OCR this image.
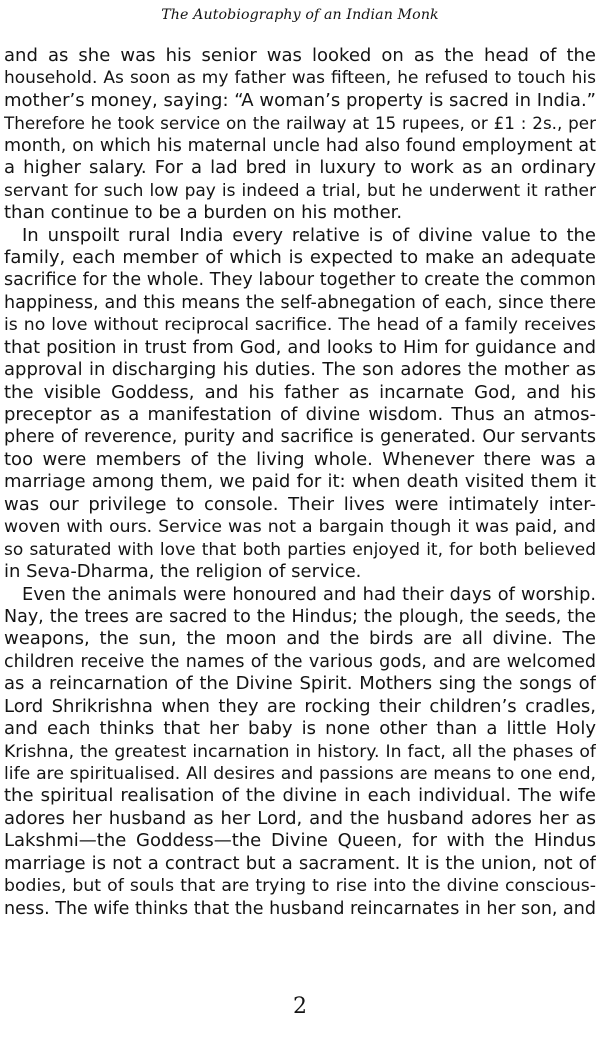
The Autobiography of an Indian Monk
and as she was his senior was looked on as the head of the
household. As soon as my father was fifteen, he refused to touch his
mother’s money, saying: “A woman’s property is sacred in India.”
Therefore he took service on the railway at 15 rupees, or £1 : 2s., per
month, on which his maternal uncle had also found employment at
a higher salary. For a lad bred in luxury to work as an ordinary
servant for such low pay is indeed a trial, but he underwent it rather
than continue to be a burden on his mother.
In unspoilt rural India every relative is of divine value to the
family, each member of which is expected to make an adequate
sacrifice for the whole. They labour together to create the common
happiness, and this means the self-abnegation of each, since there
is no love without reciprocal sacrifice. The head of a family receives
that position in trust from God, and looks to Him for guidance and
approval in discharging his duties. The son adores the mother as
the visible Goddess, and his father as incarnate God, and his
preceptor as a manifestation of divine wisdom. Thus an atmos-
phere of reverence, purity and sacrifice is generated. Our servants
too were members of the living whole. Whenever there was a
marriage among them, we paid for it: when death visited them it
was our privilege to console. Their lives were intimately inter-
woven with ours. Service was not a bargain though it was paid, and
so saturated with love that both parties enjoyed it, for both believed
in Seva-Dharma, the religion of service.
Even the animals were honoured and had their days of worship.
Nay, the trees are sacred to the Hindus; the plough, the seeds, the
weapons, the sun, the moon and the birds are all divine. The
children receive the names of the various gods, and are welcomed
as a reincarnation of the Divine Spirit. Mothers sing the songs of
Lord Shrikrishna when they are rocking their children’s cradles,
and each thinks that her baby is none other than a little Holy
Krishna, the greatest incarnation in history. In fact, all the phases of
life are spiritualised. All desires and passions are means to one end,
the spiritual realisation of the divine in each individual. The wife
adores her husband as her Lord, and the husband adores her as
Lakshmi—the Goddess—the Divine Queen, for with the Hindus
marriage is not a contract but a sacrament. It is the union, not of
bodies, but of souls that are trying to rise into the divine conscious-
ness. The wife thinks that the husband reincarnates in her son, and
2
